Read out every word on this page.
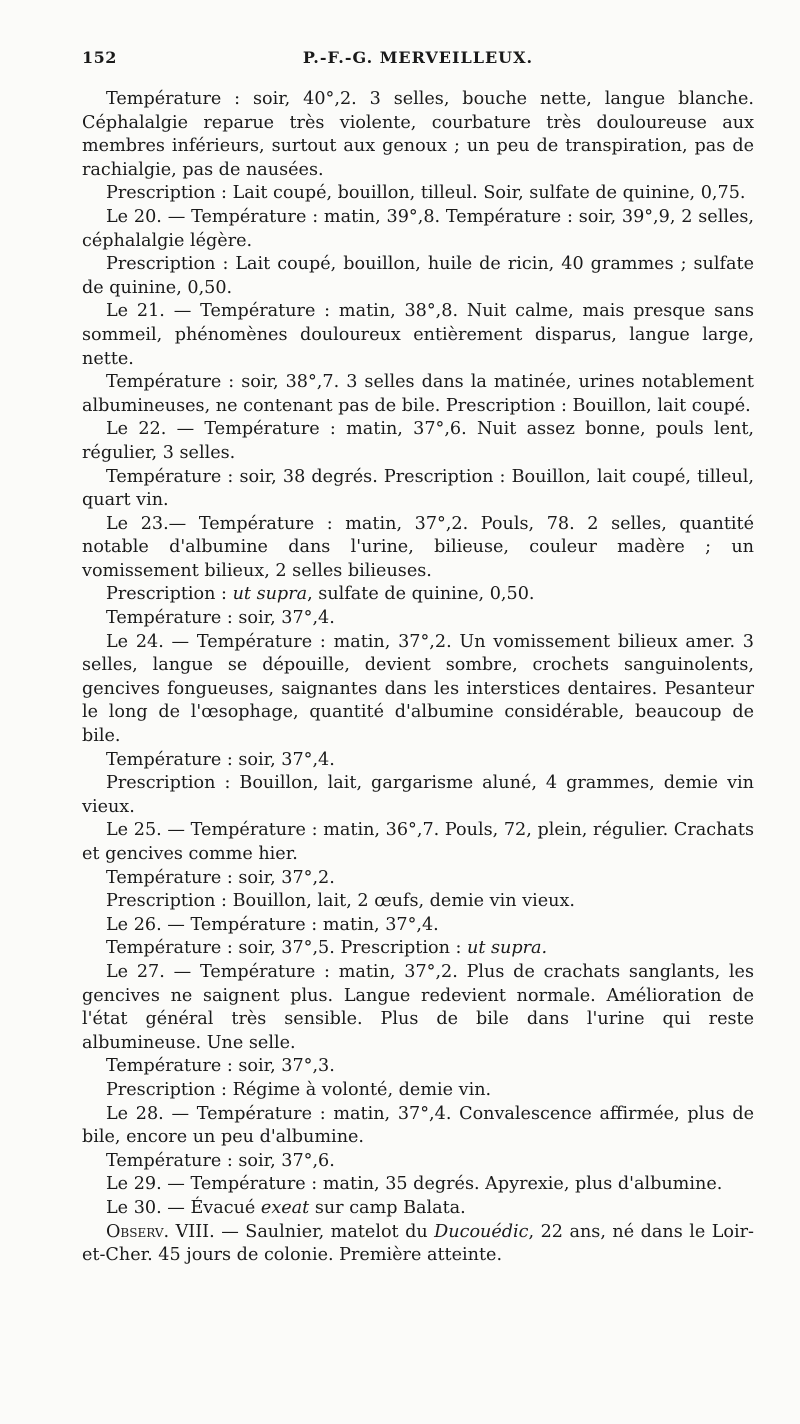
152	P.-F.-G. MERVEILLEUX.

Température : soir, 40°,2. 3 selles, bouche nette, langue blanche. Céphalalgie reparue très violente, courbature très douloureuse aux membres inférieurs, surtout aux genoux ; un peu de transpiration, pas de rachialgie, pas de nausées.

Prescription : Lait coupé, bouillon, tilleul. Soir, sulfate de quinine, 0,75.

Le 20. — Température : matin, 39°,8. Température : soir, 39°,9, 2 selles, céphalalgie légère.

Prescription : Lait coupé, bouillon, huile de ricin, 40 grammes ; sulfate de quinine, 0,50.

Le 21. — Température : matin, 38°,8. Nuit calme, mais presque sans sommeil, phénomènes douloureux entièrement disparus, langue large, nette.

Température : soir, 38°,7. 3 selles dans la matinée, urines notablement albumineuses, ne contenant pas de bile. Prescription : Bouillon, lait coupé.

Le 22. — Température : matin, 37°,6. Nuit assez bonne, pouls lent, régulier, 3 selles.

Température : soir, 38 degrés. Prescription : Bouillon, lait coupé, tilleul, quart vin.

Le 23.— Température : matin, 37°,2. Pouls, 78. 2 selles, quantité notable d'albumine dans l'urine, bilieuse, couleur madère ; un vomissement bilieux, 2 selles bilieuses.

Prescription : ut supra, sulfate de quinine, 0,50.

Température : soir, 37°,4.

Le 24. — Température : matin, 37°,2. Un vomissement bilieux amer. 3 selles, langue se dépouille, devient sombre, crochets sanguinolents, gencives fongueuses, saignantes dans les interstices dentaires. Pesanteur le long de l'œsophage, quantité d'albumine considérable, beaucoup de bile.

Température : soir, 37°,4.

Prescription : Bouillon, lait, gargarisme aluné, 4 grammes, demie vin vieux.

Le 25. — Température : matin, 36°,7. Pouls, 72, plein, régulier. Crachats et gencives comme hier.

Température : soir, 37°,2.

Prescription : Bouillon, lait, 2 œufs, demie vin vieux.

Le 26. — Température : matin, 37°,4.

Température : soir, 37°,5. Prescription : ut supra.

Le 27. — Température : matin, 37°,2. Plus de crachats sanglants, les gencives ne saignent plus. Langue redevient normale. Amélioration de l'état général très sensible. Plus de bile dans l'urine qui reste albumineuse. Une selle.

Température : soir, 37°,3.

Prescription : Régime à volonté, demie vin.

Le 28. — Température : matin, 37°,4. Convalescence affirmée, plus de bile, encore un peu d'albumine.

Température : soir, 37°,6.

Le 29. — Température : matin, 35 degrés. Apyrexie, plus d'albumine.

Le 30. — Évacué exeat sur camp Balata.

Observ. VIII. — Saulnier, matelot du Ducouédic, 22 ans, né dans le Loir-et-Cher. 45 jours de colonie. Première atteinte.
